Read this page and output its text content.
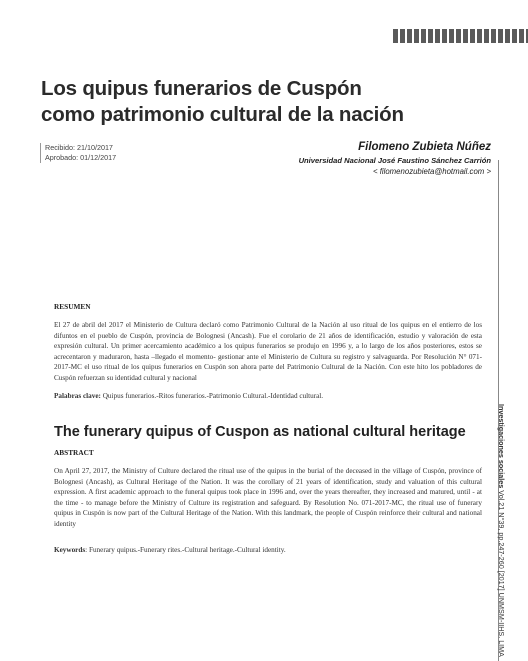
Los quipus funerarios de Cuspón
como patrimonio cultural de la nación
Recibido: 21/10/2017
Aprobado: 01/12/2017
Filomeno Zubieta Núñez
Universidad Nacional José Faustino Sánchez Carrión
< filomenozubieta@hotmail.com >
RESUMEN

El 27 de abril del 2017 el Ministerio de Cultura declaró como Patrimonio Cultural de la Nación al uso ritual de los quipus en el entierro de los difuntos en el pueblo de Cuspón, provincia de Bolognesi (Ancash). Fue el corolario de 21 años de identificación, estudio y valoración de esta expresión cultural. Un primer acercamiento académico a los quipus funerarios se produjo en 1996 y, a lo largo de los años posteriores, estos se acrecentaron y maduraron, hasta –llegado el momento- gestionar ante el Ministerio de Cultura su registro y salvaguarda. Por Resolución N° 071-2017-MC el uso ritual de los quipus funerarios en Cuspón son ahora parte del Patrimonio Cultural de la Nación. Con este hito los pobladores de Cuspón refuerzan su identidad cultural y nacional

Palabras clave: Quipus funerarios.-Ritos funerarios.-Patrimonio Cultural.-Identidad cultural.
The funerary quipus of Cuspon as national cultural heritage
ABSTRACT

On April 27, 2017, the Ministry of Culture declared the ritual use of the quipus in the burial of the deceased in the village of Cuspón, province of Bolognesi (Ancash), as Cultural Heritage of the Nation. It was the corollary of 21 years of identification, study and valuation of this cultural expression. A first academic approach to the funeral quipus took place in 1996 and, over the years thereafter, they increased and matured, until - at the time - to manage before the Ministry of Culture its registration and safeguard. By Resolution No. 071-2017-MC, the ritual use of funerary quipus in Cuspón is now part of the Cultural Heritage of the Nation. With this landmark, the people of Cuspón reinforce their cultural and national identity

Keywords: Funerary quipus.-Funerary rites.-Cultural heritage.-Cultural identity.
Investigaciones sociales Vol.21 N°39, pp.247-260 [2017] UNMSM-IIHS. LIMA
